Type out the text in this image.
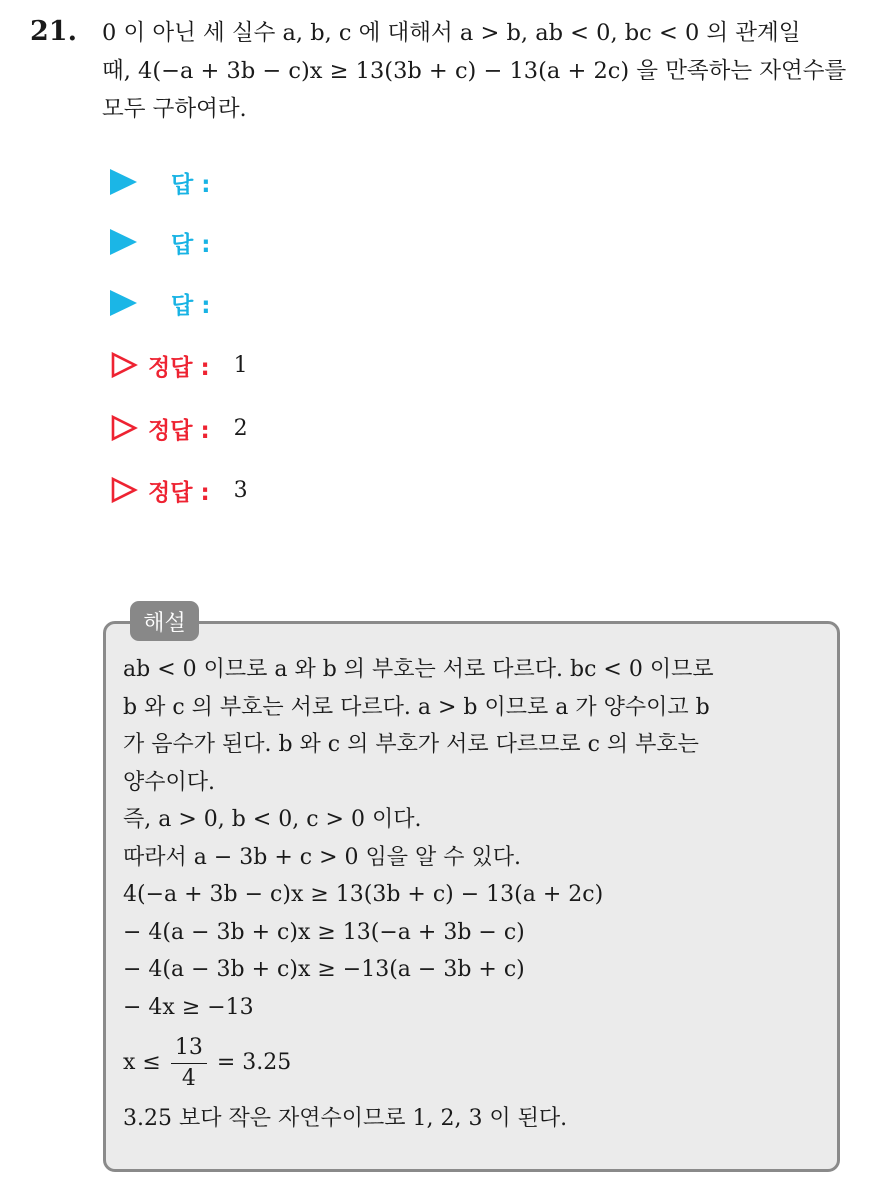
21. 0 이 아닌 세 실수 a, b, c 에 대해서 a > b, ab < 0, bc < 0 의 관계일
때, 4(−a + 3b − c)x ≥ 13(3b + c) − 13(a + 2c) 을 만족하는 자연수를
모두 구하여라.
답 :
답 :
답 :
정답 : 1
정답 : 2
정답 : 3
해설
ab < 0 이므로 a 와 b 의 부호는 서로 다르다. bc < 0 이므로
b 와 c 의 부호는 서로 다르다. a > b 이므로 a 가 양수이고 b
가 음수가 된다. b 와 c 의 부호가 서로 다르므로 c 의 부호는
양수이다.
즉, a > 0, b < 0, c > 0 이다.
따라서 a − 3b + c > 0 임을 알 수 있다.
4(−a + 3b − c)x ≥ 13(3b + c) − 13(a + 2c)
− 4(a − 3b + c)x ≥ 13(−a + 3b − c)
− 4(a − 3b + c)x ≥ −13(a − 3b + c)
− 4x ≥ −13
$x \le \frac{13}{4} = 3.25$
3.25 보다 작은 자연수이므로 1, 2, 3 이 된다.
